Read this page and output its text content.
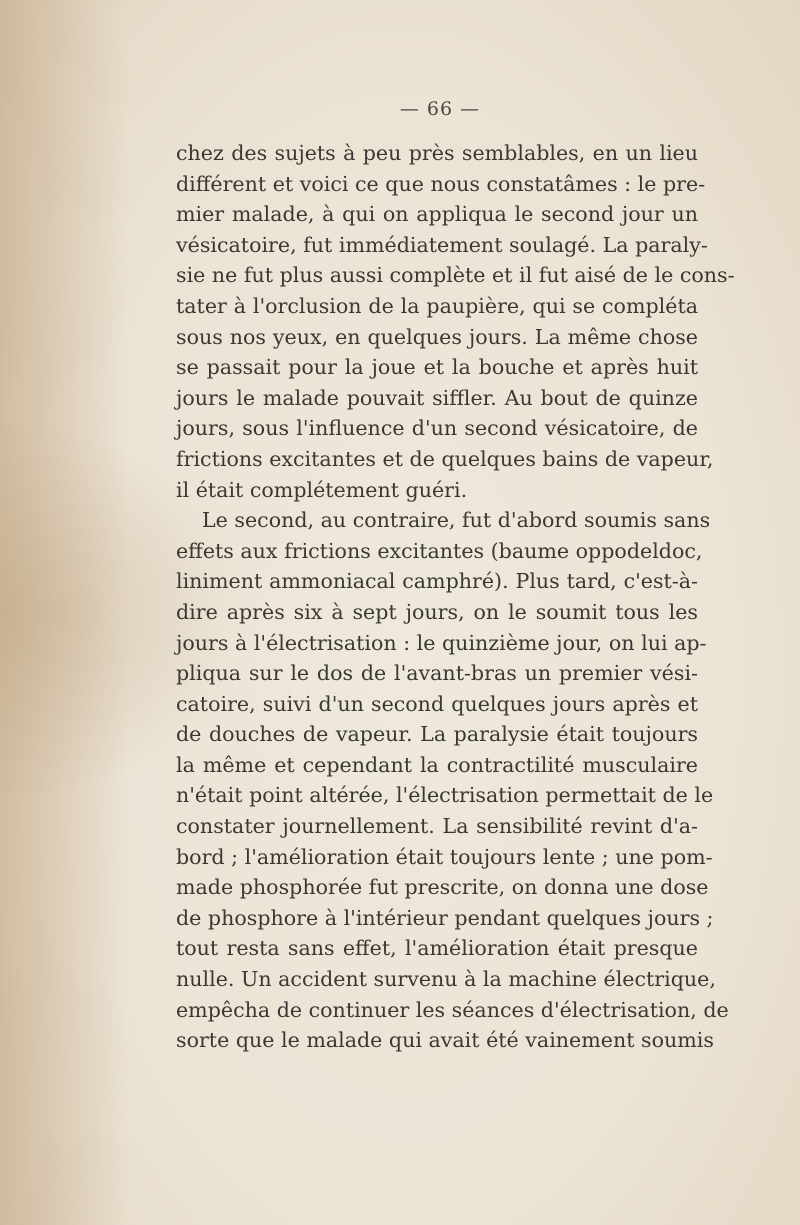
— 66 —
chez des sujets à peu près semblables, en un lieu
différent et voici ce que nous constatâmes : le pre-
mier malade, à qui on appliqua le second jour un
vésicatoire, fut immédiatement soulagé. La paraly-
sie ne fut plus aussi complète et il fut aisé de le cons-
tater à l'orclusion de la paupière, qui se compléta
sous nos yeux, en quelques jours. La même chose
se passait pour la joue et la bouche et après huit
jours le malade pouvait siffler. Au bout de quinze
jours, sous l'influence d'un second vésicatoire, de
frictions excitantes et de quelques bains de vapeur,
il était complétement guéri.
Le second, au contraire, fut d'abord soumis sans
effets aux frictions excitantes (baume oppodeldoc,
liniment ammoniacal camphré). Plus tard, c'est-à-
dire après six à sept jours, on le soumit tous les
jours à l'électrisation : le quinzième jour, on lui ap-
pliqua sur le dos de l'avant-bras un premier vési-
catoire, suivi d'un second quelques jours après et
de douches de vapeur. La paralysie était toujours
la même et cependant la contractilité musculaire
n'était point altérée, l'électrisation permettait de le
constater journellement. La sensibilité revint d'a-
bord ; l'amélioration était toujours lente ; une pom-
made phosphorée fut prescrite, on donna une dose
de phosphore à l'intérieur pendant quelques jours ;
tout resta sans effet, l'amélioration était presque
nulle. Un accident survenu à la machine électrique,
empêcha de continuer les séances d'électrisation, de
sorte que le malade qui avait été vainement soumis
